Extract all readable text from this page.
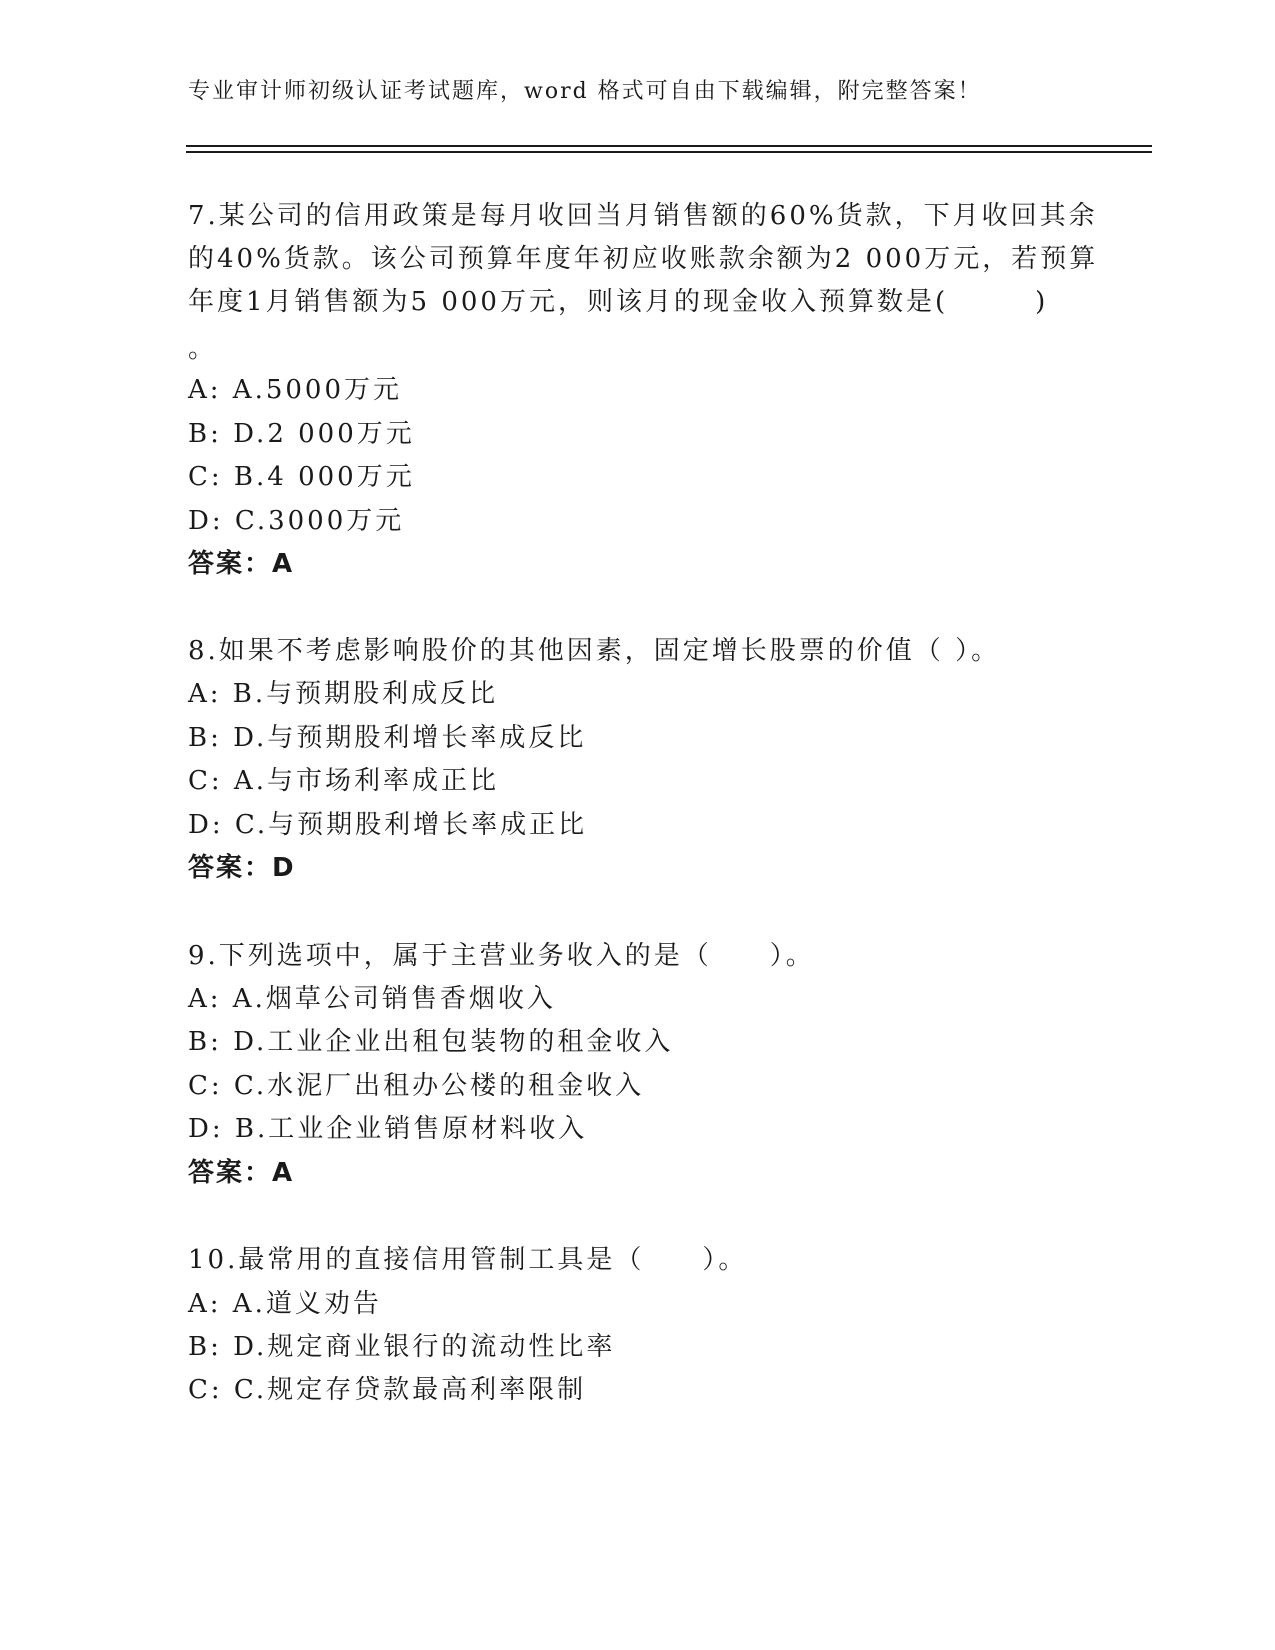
专业审计师初级认证考试题库，word 格式可自由下载编辑，附完整答案！
7.某公司的信用政策是每月收回当月销售额的60%货款，下月收回其余
的40%货款。该公司预算年度年初应收账款余额为2 000万元，若预算
年度1月销售额为5 000万元，则该月的现金收入预算数是(　　　)
。
A: A.5000万元
B: D.2 000万元
C: B.4 000万元
D: C.3000万元
答案：A
8.如果不考虑影响股价的其他因素，固定增长股票的价值（ ）。
A: B.与预期股利成反比
B: D.与预期股利增长率成反比
C: A.与市场利率成正比
D: C.与预期股利增长率成正比
答案：D
9.下列选项中，属于主营业务收入的是（　　）。
A: A.烟草公司销售香烟收入
B: D.工业企业出租包装物的租金收入
C: C.水泥厂出租办公楼的租金收入
D: B.工业企业销售原材料收入
答案：A
10.最常用的直接信用管制工具是（　　）。
A: A.道义劝告
B: D.规定商业银行的流动性比率
C: C.规定存贷款最高利率限制
